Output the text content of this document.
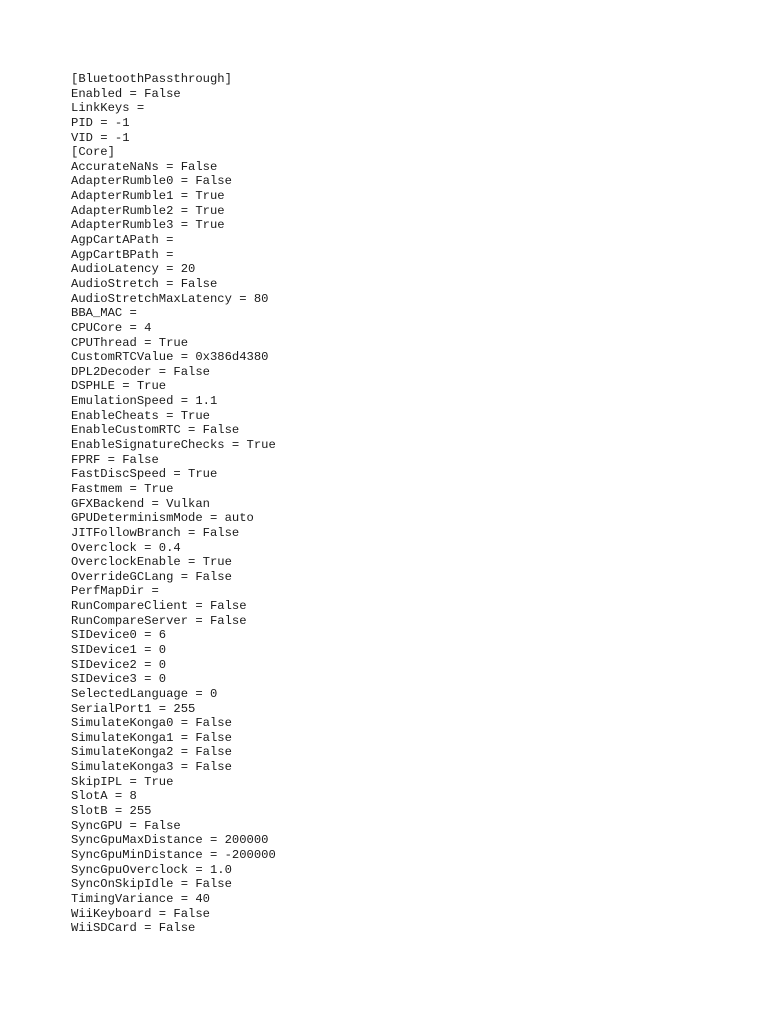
[BluetoothPassthrough]
Enabled = False
LinkKeys =
PID = -1
VID = -1
[Core]
AccurateNaNs = False
AdapterRumble0 = False
AdapterRumble1 = True
AdapterRumble2 = True
AdapterRumble3 = True
AgpCartAPath =
AgpCartBPath =
AudioLatency = 20
AudioStretch = False
AudioStretchMaxLatency = 80
BBA_MAC =
CPUCore = 4
CPUThread = True
CustomRTCValue = 0x386d4380
DPL2Decoder = False
DSPHLE = True
EmulationSpeed = 1.1
EnableCheats = True
EnableCustomRTC = False
EnableSignatureChecks = True
FPRF = False
FastDiscSpeed = True
Fastmem = True
GFXBackend = Vulkan
GPUDeterminismMode = auto
JITFollowBranch = False
Overclock = 0.4
OverclockEnable = True
OverrideGCLang = False
PerfMapDir =
RunCompareClient = False
RunCompareServer = False
SIDevice0 = 6
SIDevice1 = 0
SIDevice2 = 0
SIDevice3 = 0
SelectedLanguage = 0
SerialPort1 = 255
SimulateKonga0 = False
SimulateKonga1 = False
SimulateKonga2 = False
SimulateKonga3 = False
SkipIPL = True
SlotA = 8
SlotB = 255
SyncGPU = False
SyncGpuMaxDistance = 200000
SyncGpuMinDistance = -200000
SyncGpuOverclock = 1.0
SyncOnSkipIdle = False
TimingVariance = 40
WiiKeyboard = False
WiiSDCard = False
